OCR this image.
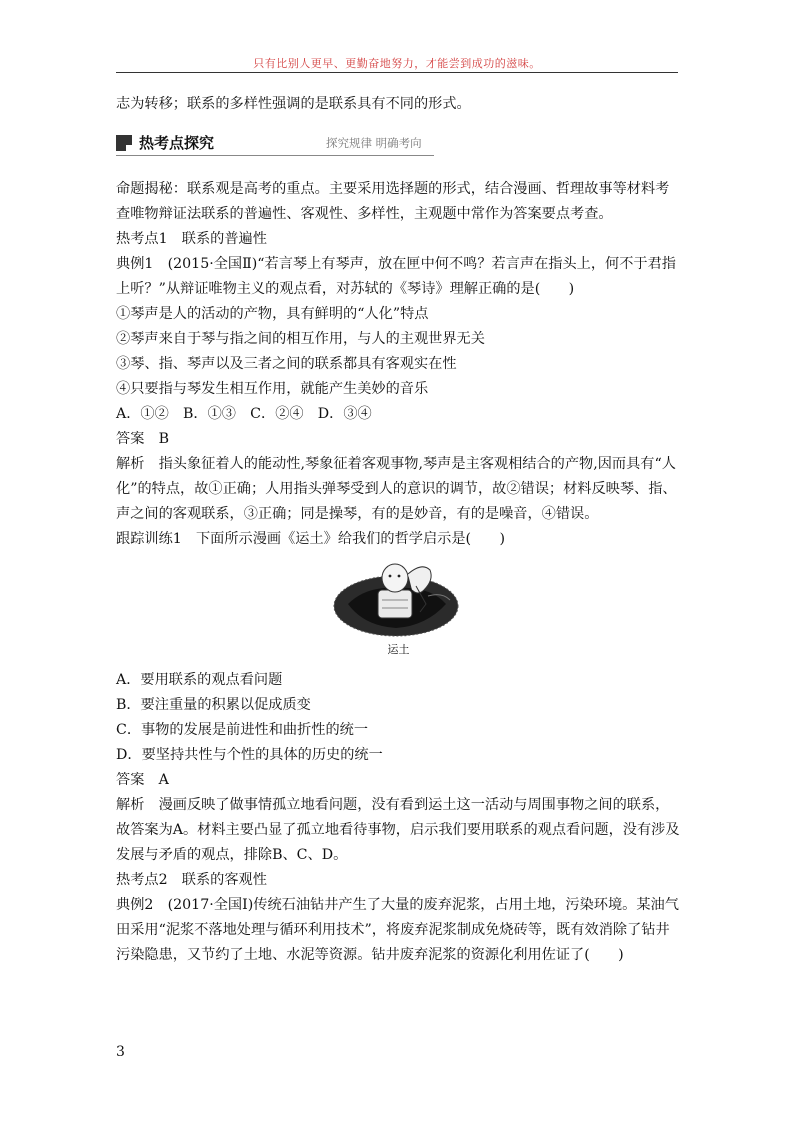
只有比别人更早、更勤奋地努力，才能尝到成功的滋味。

志为转移；联系的多样性强调的是联系具有不同的形式。

热考点探究	探究规律 明确考向

命题揭秘：联系观是高考的重点。主要采用选择题的形式，结合漫画、哲理故事等材料考查唯物辩证法联系的普遍性、客观性、多样性，主观题中常作为答案要点考查。

热考点1　联系的普遍性

典例1　(2015·全国Ⅱ)“若言琴上有琴声，放在匣中何不鸣？若言声在指头上，何不于君指上听？”从辩证唯物主义的观点看，对苏轼的《琴诗》理解正确的是(　　)

①琴声是人的活动的产物，具有鲜明的“人化”特点

②琴声来自于琴与指之间的相互作用，与人的主观世界无关

③琴、指、琴声以及三者之间的联系都具有客观实在性

④只要指与琴发生相互作用，就能产生美妙的音乐

A．①②　B．①③　C．②④　D．③④

答案　B

解析　指头象征着人的能动性,琴象征着客观事物,琴声是主客观相结合的产物,因而具有“人化”的特点，故①正确；人用指头弹琴受到人的意识的调节，故②错误；材料反映琴、指、声之间的客观联系，③正确；同是操琴，有的是妙音，有的是噪音，④错误。

跟踪训练1　下面所示漫画《运土》给我们的哲学启示是(　　)

运土

A．要用联系的观点看问题

B．要注重量的积累以促成质变

C．事物的发展是前进性和曲折性的统一

D．要坚持共性与个性的具体的历史的统一

答案　A

解析　漫画反映了做事情孤立地看问题，没有看到运土这一活动与周围事物之间的联系，故答案为A。材料主要凸显了孤立地看待事物，启示我们要用联系的观点看问题，没有涉及发展与矛盾的观点，排除B、C、D。

热考点2　联系的客观性

典例2　(2017·全国Ⅰ)传统石油钻井产生了大量的废弃泥浆，占用土地，污染环境。某油气田采用“泥浆不落地处理与循环利用技术”，将废弃泥浆制成免烧砖等，既有效消除了钻井污染隐患，又节约了土地、水泥等资源。钻井废弃泥浆的资源化利用佐证了(　　)

3
